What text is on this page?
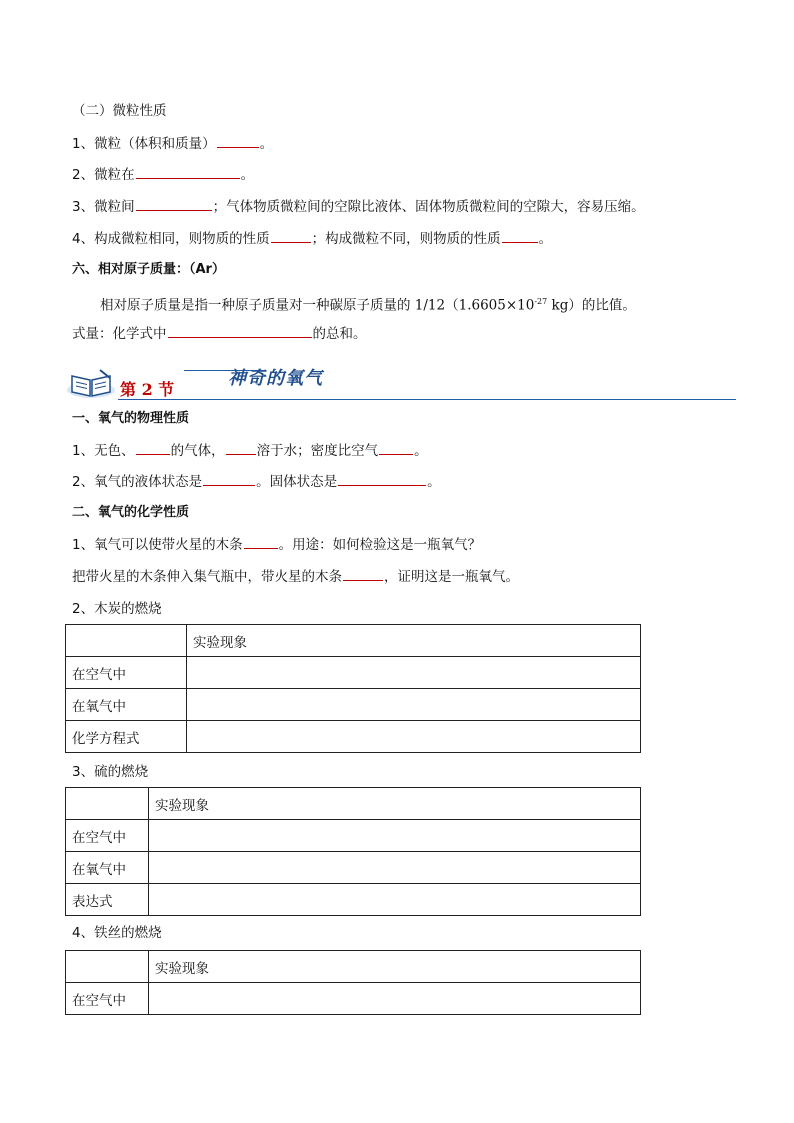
（二）微粒性质
1、微粒（体积和质量）	。
2、微粒在	。
3、微粒间	；气体物质微粒间的空隙比液体、固体物质微粒间的空隙大，容易压缩。
4、构成微粒相同，则物质的性质	；构成微粒不同，则物质的性质	。
六、相对原子质量：（Ar）
相对原子质量是指一种原子质量对一种碳原子质量的 $1/12(1.6605\times 10^{-27}$ kg）的比值。
式量：化学式中	的总和。
第 2 节
神奇的氧气
一、氧气的物理性质
1、无色、	的气体， 溶于水；密度比空气	。
2、氧气的液体状态是	。固体状态是	。
二、氧气的化学性质
1、氧气可以使带火星的木条	。用途：如何检验这是一瓶氧气？
把带火星的木条伸入集气瓶中，带火星的木条	，证明这是一瓶氧气。
2、木炭的燃烧
	实验现象
在空气中	
在氧气中	
化学方程式	
3、硫的燃烧
	实验现象
在空气中	
在氧气中	
表达式	
4、铁丝的燃烧
	实验现象
在空气中	
